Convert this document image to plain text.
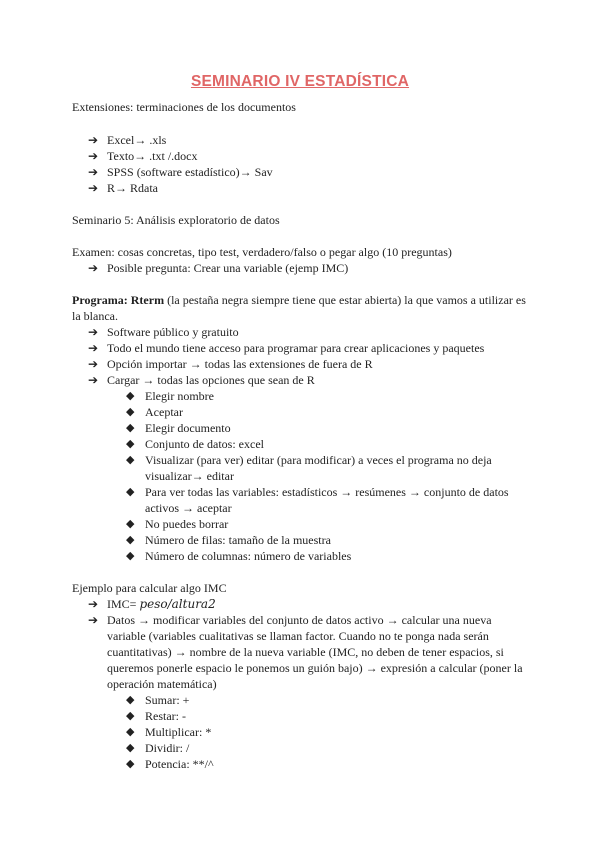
SEMINARIO IV ESTADÍSTICA

Extensiones: terminaciones de los documentos

➔ Excel→ .xls
➔ Texto→ .txt /.docx
➔ SPSS (software estadístico)→ Sav
➔ R→ Rdata

Seminario 5: Análisis exploratorio de datos

Examen: cosas concretas, tipo test, verdadero/falso o pegar algo (10 preguntas)

➔ Posible pregunta: Crear una variable (ejemp IMC)

Programa: Rterm (la pestaña negra siempre tiene que estar abierta) la que vamos a utilizar es la blanca.

➔ Software público y gratuito
➔ Todo el mundo tiene acceso para programar para crear aplicaciones y paquetes
➔ Opción importar → todas las extensiones de fuera de R
➔ Cargar → todas las opciones que sean de R
◆ Elegir nombre
◆ Aceptar
◆ Elegir documento
◆ Conjunto de datos: excel
◆ Visualizar (para ver) editar (para modificar) a veces el programa no deja visualizar→ editar
◆ Para ver todas las variables: estadísticos → resúmenes → conjunto de datos activos → aceptar
◆ No puedes borrar
◆ Número de filas: tamaño de la muestra
◆ Número de columnas: número de variables

Ejemplo para calcular algo IMC

➔ IMC= peso/altura2
➔ Datos → modificar variables del conjunto de datos activo → calcular una nueva variable (variables cualitativas se llaman factor. Cuando no te ponga nada serán cuantitativas) → nombre de la nueva variable (IMC, no deben de tener espacios, si queremos ponerle espacio le ponemos un guión bajo) → expresión a calcular (poner la operación matemática)
◆ Sumar: +
◆ Restar: -
◆ Multiplicar: *
◆ Dividir: /
◆ Potencia: **/^
